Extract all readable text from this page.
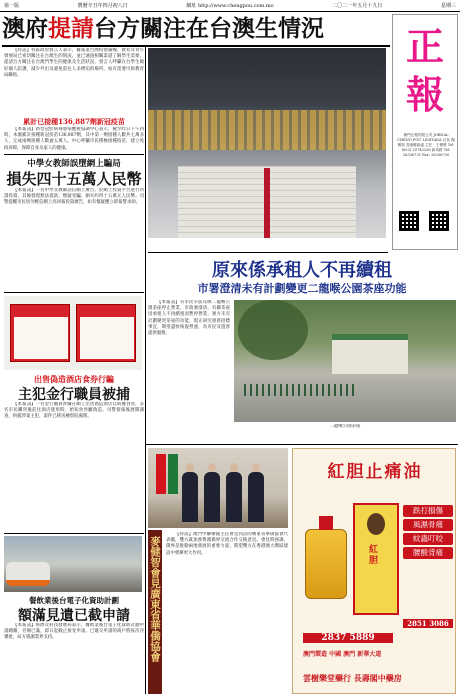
第一版	農曆辛丑年四月初八日	網址 http://www.chengpou.com.mo	二〇二一年五月十九日	星期三
澳府提請台方關注在台澳生情況	正報
澳門正報有限公司 JORNAL CHENG POU LIMITADA 社長 楊鳳枝 香港聯絡處 主任：王俊鳴 Tel: (852) 25743336 新馬路 Tel: 28336731 Fax: 28336700

【特訊】特區政府發言人表示，據報道台灣疫情嚴峻，教育及青年發展局已密切關注在台澳生的情況，並已通過相關渠道了解學生需要，提請台方關注在台澳門學生的健康及生活狀況。發言人呼籲在台學生做好個人防護，減少外出及避免前往人多擠迫的場所，如有需要可與教青局聯絡。

累計已接種136,887劑新冠疫苗

【本報訊】新型冠狀病毒感染應變協調中心表示，截至昨日下午四時，本澳累計接種新冠疫苗136,887劑，其中第一劑接種人數共七萬多人，完成兩劑接種人數逾五萬人。中心呼籲市民積極接種疫苗，建立免疫屏障，保障自身及家人的健康。

中學女教師誤墮網上騙局
損失四十五萬人民幣

【本報訊】一名中學女教師誤信網上廣告，於網上投資平台進行所謂投資，其後發現無法提款，懷疑受騙，損失約四十五萬元人民幣。司警提醒市民切勿輕信網上高回報投資廣告，如有懷疑應立即報警求助。

出售偽造酒店食券行騙
主犯金行職員被捕

【本報訊】一名金行職員涉嫌在網上出售偽造酒店自助餐食券，多名市民購買後前往酒店使用時，始知食券屬偽造。司警接報後展開調查，拘捕涉案主犯，案件已移送檢察院處理。

原來係承租人不再續租
市署澄清未有計劃變更二龍喉公園茶座功能

【本報訊】有市民早前反映二龍喉公園茶座停止營業，市政署澄清，有關茶座因承租人不再續租而暫停營業，署方未有計劃變更茶座的功能，現正研究重新招標事宜，期望盡快恢復營運，為市民及遊客提供服務。

二龍喉公園茶座
麥健智會見廣東省華僑協會

【特訊】澳門中聯辦副主任會見到訪的廣東省華僑協會代表團，雙方就加強粵澳僑界交流合作交換意見。會見時強調，僑界是推動兩地發展的重要力量，期望雙方在粵港澳大灣區建設中發揮更大作用。

餐飲業後台電子化資助計劃
額滿見遺已截申請

【本報訊】經濟及科技發展局表示，餐飲業後台電子化資助計劃申請踴躍，名額已滿，即日起截止接受申請。已遞交申請的商戶將按次序審批，局方感謝業界支持。

紅胆止痛油
紅胆
跌打損傷
風濕骨痛
蚊蟲叮咬
腰酸背痛
2851 3086
2837 5889
澳門製造 中國 澳門 新華大道
雲樹樂堂藥行 長壽閣中藥房
